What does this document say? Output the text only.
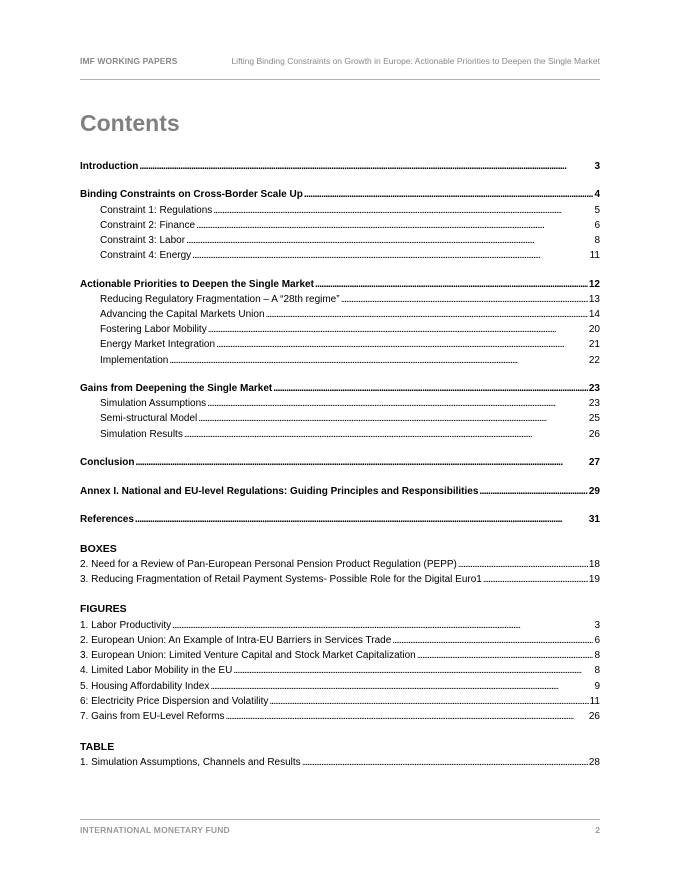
IMF WORKING PAPERS	Lifting Binding Constraints on Growth in Europe: Actionable Priorities to Deepen the Single Market
Contents
Introduction . . .	3
Binding Constraints on Cross-Border Scale Up . . .	4
Constraint 1: Regulations . . .	5
Constraint 2: Finance . . .	6
Constraint 3: Labor . . .	8
Constraint 4: Energy . . .	11
Actionable Priorities to Deepen the Single Market . . .	12
Reducing Regulatory Fragmentation – A “28th regime” . . .	13
Advancing the Capital Markets Union . . .	14
Fostering Labor Mobility . . .	20
Energy Market Integration . . .	21
Implementation . . .	22
Gains from Deepening the Single Market . . .	23
Simulation Assumptions . . .	23
Semi-structural Model . . .	25
Simulation Results . . .	26
Conclusion . . .	27
Annex I. National and EU-level Regulations: Guiding Principles and Responsibilities . . .	29
References . . .	31
BOXES
2. Need for a Review of Pan-European Personal Pension Product Regulation (PEPP) . . .	18
3. Reducing Fragmentation of Retail Payment Systems- Possible Role for the Digital Euro1 . . .	19
FIGURES
1. Labor Productivity . . .	3
2. European Union: An Example of Intra-EU Barriers in Services Trade . . .	6
3. European Union: Limited Venture Capital and Stock Market Capitalization . . .	8
4. Limited Labor Mobility in the EU . . .	8
5. Housing Affordability Index . . .	9
6: Electricity Price Dispersion and Volatility . . .	11
7. Gains from EU-Level Reforms . . .	26
TABLE
1. Simulation Assumptions, Channels and Results . . .	28
INTERNATIONAL MONETARY FUND	2
